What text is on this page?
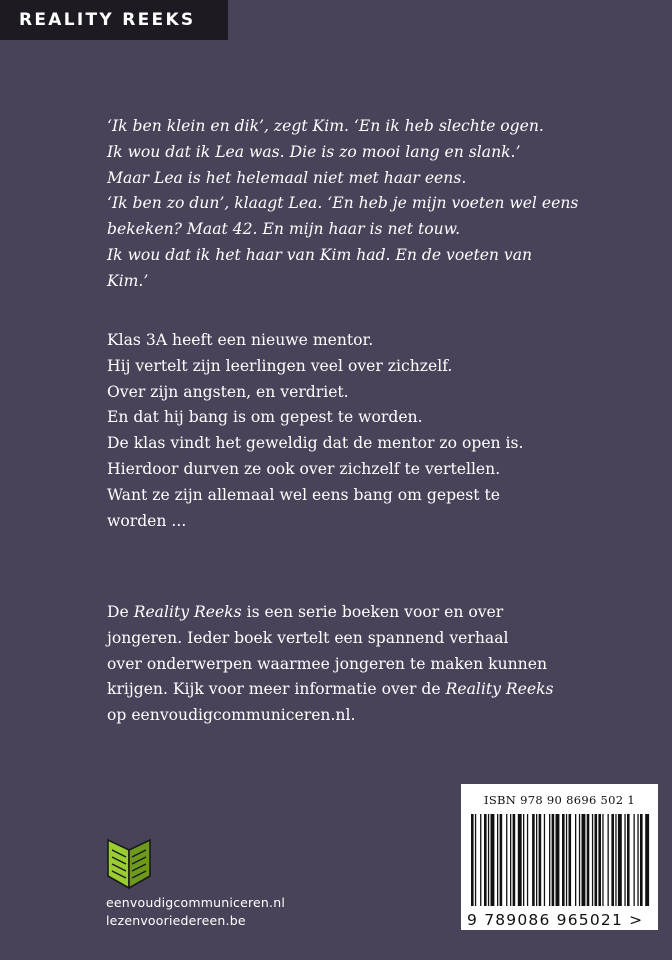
REALITY REEKS

‘Ik ben klein en dik’, zegt Kim. ‘En ik heb slechte ogen.

Ik wou dat ik Lea was. Die is zo mooi lang en slank.’

Maar Lea is het helemaal niet met haar eens.

‘Ik ben zo dun’, klaagt Lea. ‘En heb je mijn voeten wel eens

bekeken? Maat 42. En mijn haar is net touw.

Ik wou dat ik het haar van Kim had. En de voeten van

Kim.’

Klas 3A heeft een nieuwe mentor.

Hij vertelt zijn leerlingen veel over zichzelf.

Over zijn angsten, en verdriet.

En dat hij bang is om gepest te worden.

De klas vindt het geweldig dat de mentor zo open is.

Hierdoor durven ze ook over zichzelf te vertellen.

Want ze zijn allemaal wel eens bang om gepest te

worden ...

De Reality Reeks is een serie boeken voor en over

jongeren. Ieder boek vertelt een spannend verhaal

over onderwerpen waarmee jongeren te maken kunnen

krijgen. Kijk voor meer informatie over de Reality Reeks

op eenvoudigcommuniceren.nl.

eenvoudigcommuniceren.nl
lezenvooriedereen.be
ISBN 978 90 8696 502 1
9 789086 965021 >
